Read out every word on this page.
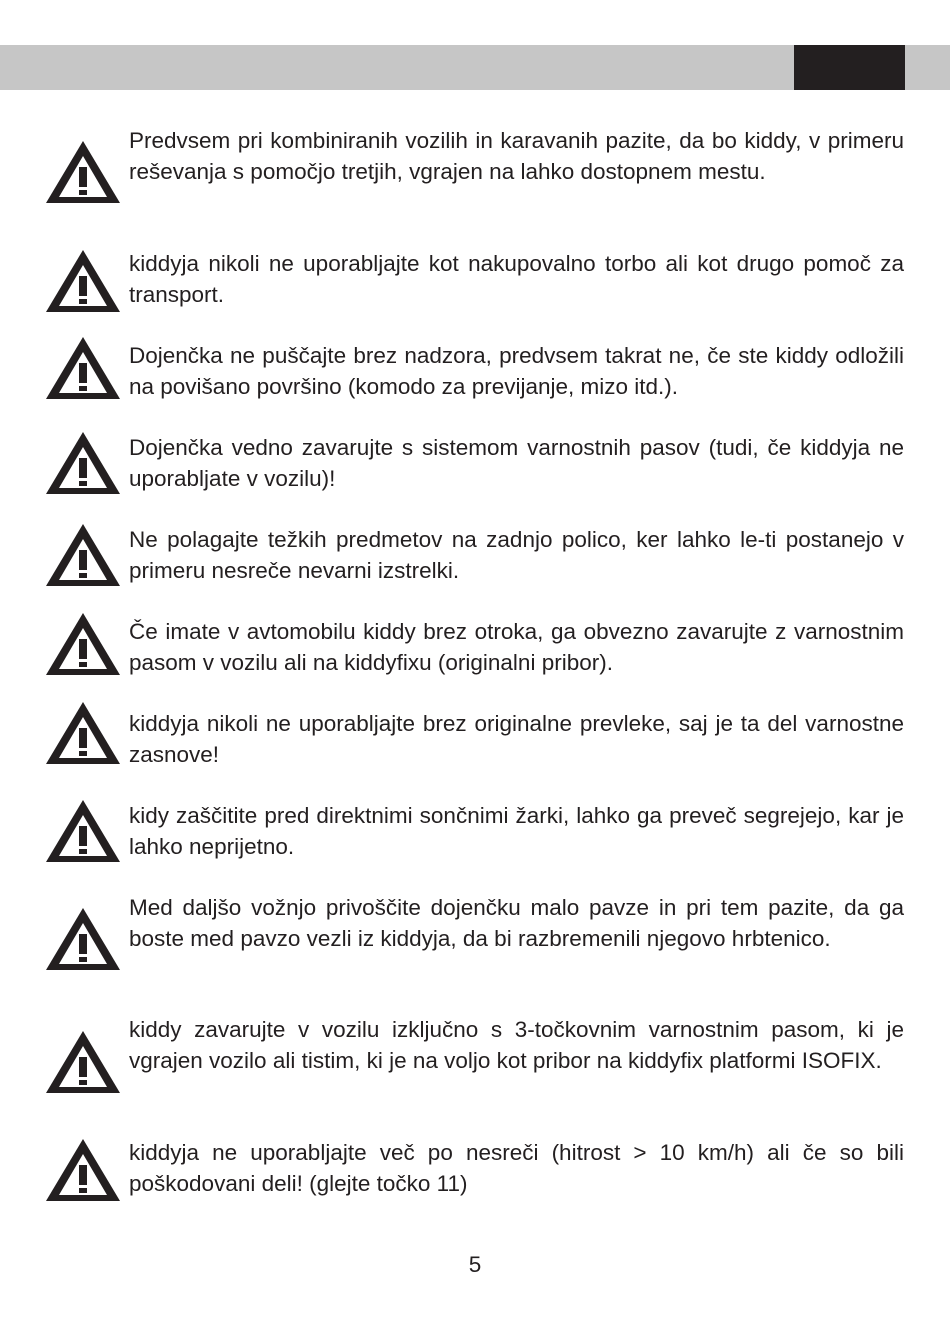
Predvsem pri kombiniranih vozilih in karavanih pazite, da bo kiddy, v primeru reševanja s pomočjo tretjih, vgrajen na lahko dostopnem mestu.

kiddyja nikoli ne uporabljajte kot nakupovalno torbo ali kot drugo pomoč za transport.

Dojenčka ne puščajte brez nadzora, predvsem takrat ne, če ste kiddy odložili na povišano površino (komodo za previjanje, mizo itd.).

Dojenčka vedno zavarujte s sistemom varnostnih pasov (tudi, če kiddyja ne uporabljate v vozilu)!

Ne polagajte težkih predmetov na zadnjo polico, ker lahko le-ti postanejo v primeru nesreče nevarni izstrelki.

Če imate v avtomobilu kiddy brez otroka, ga obvezno zavarujte z varnostnim pasom v vozilu ali na kiddyfixu (originalni pribor).

kiddyja nikoli ne uporabljajte brez originalne prevleke, saj je ta del varnostne zasnove!

kidy zaščitite pred direktnimi sončnimi žarki, lahko ga preveč segrejejo, kar je lahko neprijetno.

Med daljšo vožnjo privoščite dojenčku malo pavze in pri tem pazite, da ga boste med pavzo vezli iz kiddyja, da bi razbremenili njegovo hrbtenico.

kiddy zavarujte v vozilu izključno s 3-točkovnim varnostnim pasom, ki je vgrajen vozilo ali tistim, ki je na voljo kot pribor na kiddyfix platformi ISOFIX.

kiddyja ne uporabljajte več po nesreči (hitrost > 10 km/h) ali če so bili poškodovani deli! (glejte točko 11)

5
